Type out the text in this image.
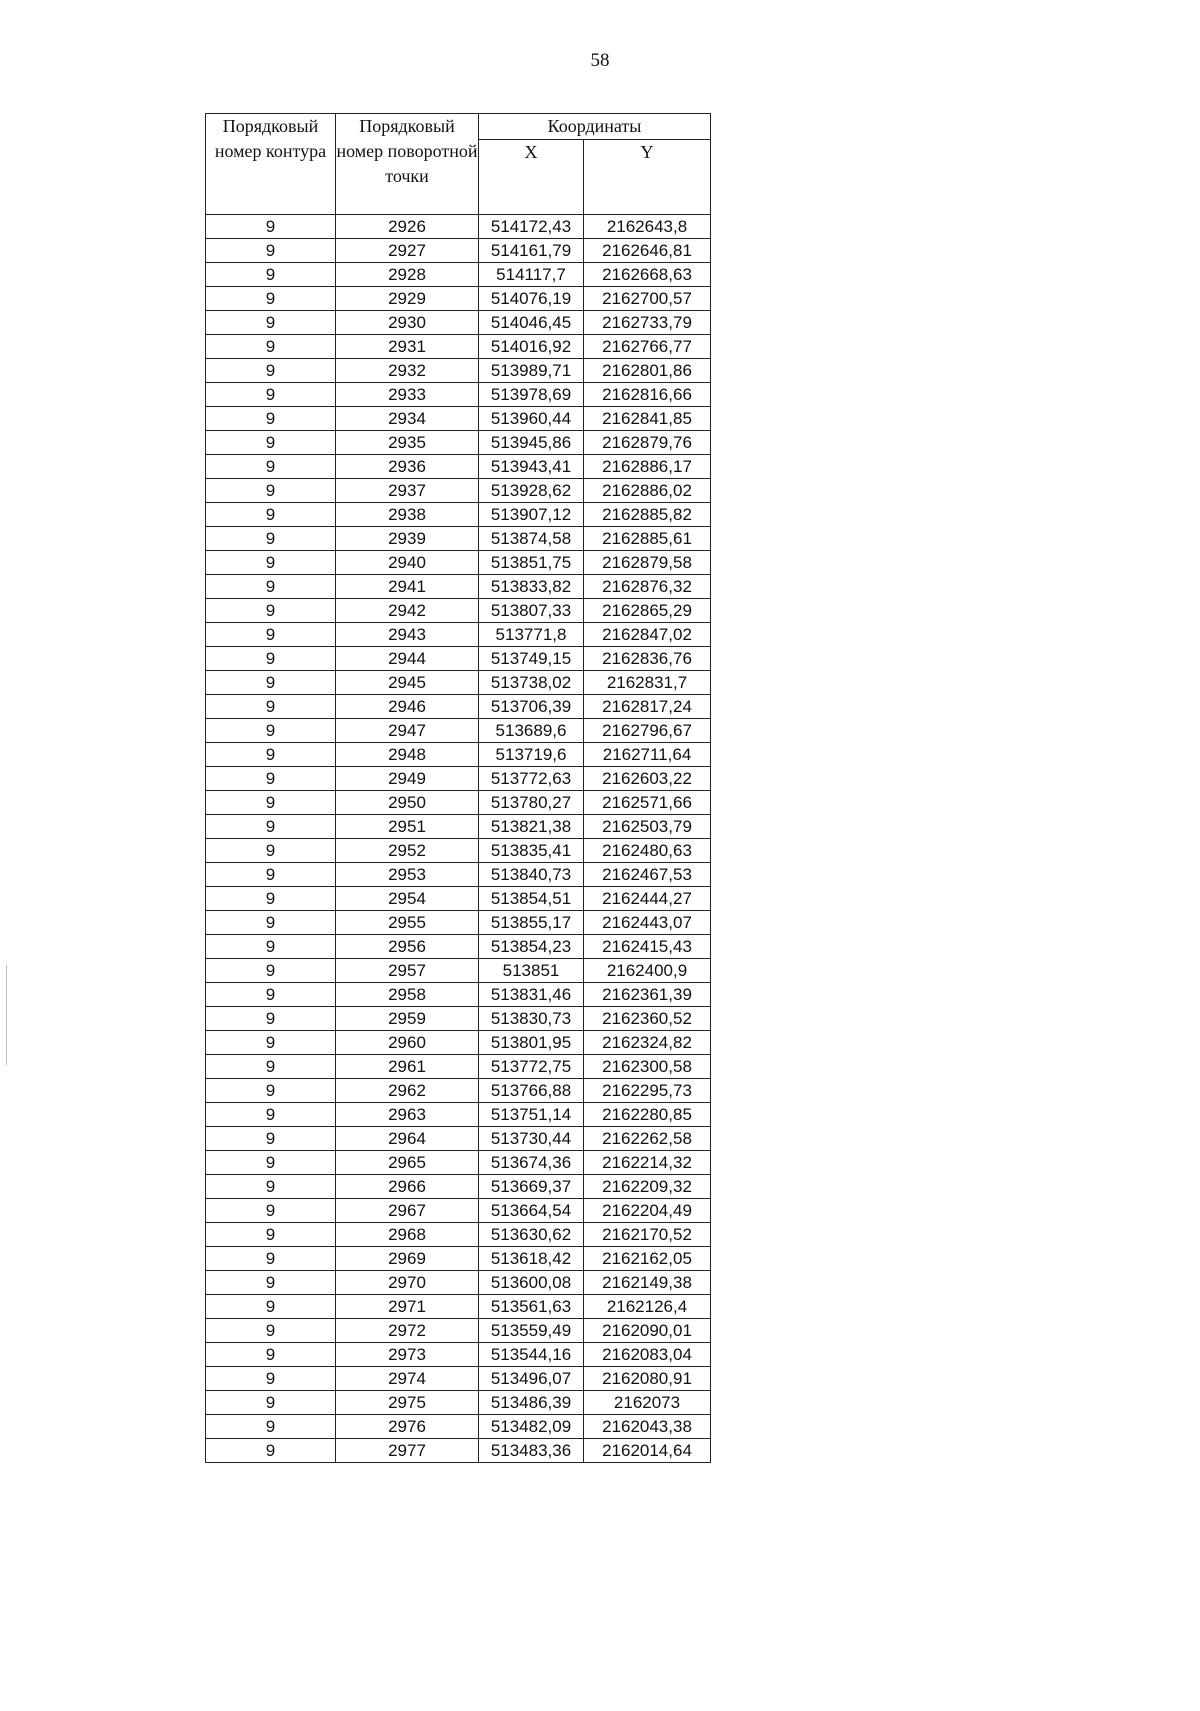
58
Порядковый номер контура	Порядковый номер поворотной точки	Координаты	
		X	Y
9	2926	514172,43	2162643,8
9	2927	514161,79	2162646,81
9	2928	514117,7	2162668,63
9	2929	514076,19	2162700,57
9	2930	514046,45	2162733,79
9	2931	514016,92	2162766,77
9	2932	513989,71	2162801,86
9	2933	513978,69	2162816,66
9	2934	513960,44	2162841,85
9	2935	513945,86	2162879,76
9	2936	513943,41	2162886,17
9	2937	513928,62	2162886,02
9	2938	513907,12	2162885,82
9	2939	513874,58	2162885,61
9	2940	513851,75	2162879,58
9	2941	513833,82	2162876,32
9	2942	513807,33	2162865,29
9	2943	513771,8	2162847,02
9	2944	513749,15	2162836,76
9	2945	513738,02	2162831,7
9	2946	513706,39	2162817,24
9	2947	513689,6	2162796,67
9	2948	513719,6	2162711,64
9	2949	513772,63	2162603,22
9	2950	513780,27	2162571,66
9	2951	513821,38	2162503,79
9	2952	513835,41	2162480,63
9	2953	513840,73	2162467,53
9	2954	513854,51	2162444,27
9	2955	513855,17	2162443,07
9	2956	513854,23	2162415,43
9	2957	513851	2162400,9
9	2958	513831,46	2162361,39
9	2959	513830,73	2162360,52
9	2960	513801,95	2162324,82
9	2961	513772,75	2162300,58
9	2962	513766,88	2162295,73
9	2963	513751,14	2162280,85
9	2964	513730,44	2162262,58
9	2965	513674,36	2162214,32
9	2966	513669,37	2162209,32
9	2967	513664,54	2162204,49
9	2968	513630,62	2162170,52
9	2969	513618,42	2162162,05
9	2970	513600,08	2162149,38
9	2971	513561,63	2162126,4
9	2972	513559,49	2162090,01
9	2973	513544,16	2162083,04
9	2974	513496,07	2162080,91
9	2975	513486,39	2162073
9	2976	513482,09	2162043,38
9	2977	513483,36	2162014,64
